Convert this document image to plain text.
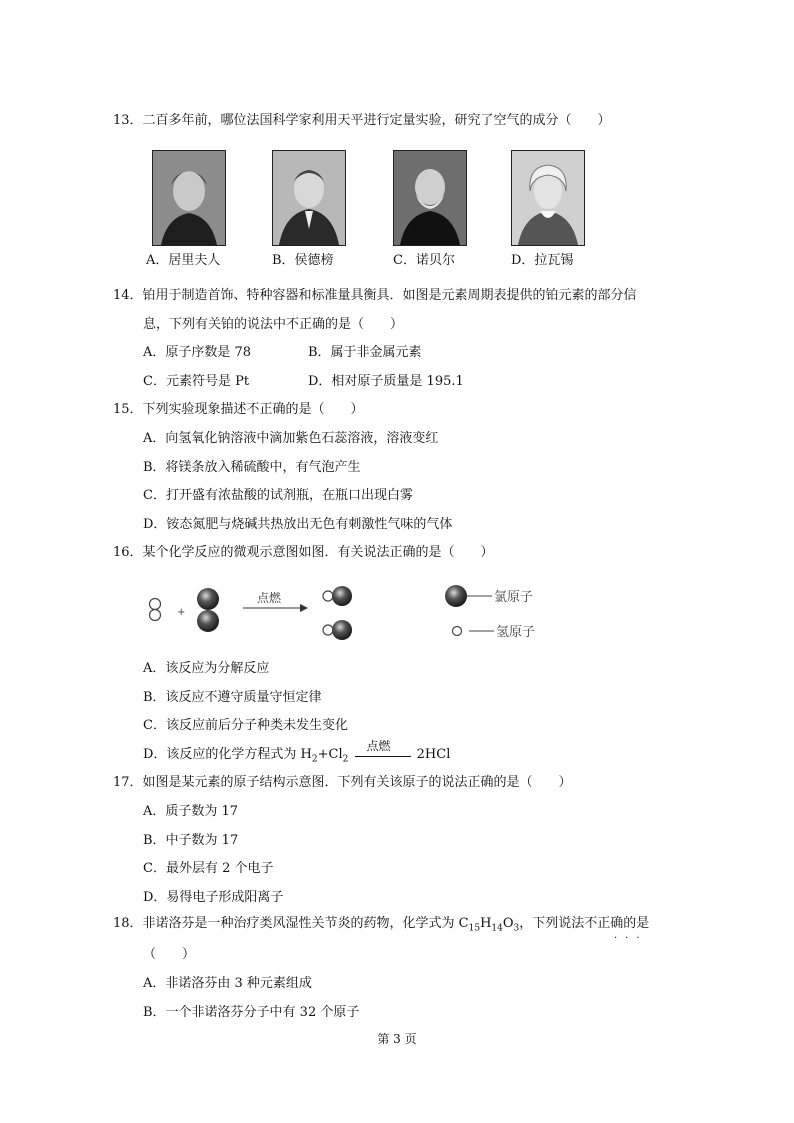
13．二百多年前，哪位法国科学家利用天平进行定量实验，研究了空气的成分（　　）
A．居里夫人	B．侯德榜	C．诺贝尔	D．拉瓦锡
14．铂用于制造首饰、特种容器和标准量具衡具．如图是元素周期表提供的铂元素的部分信
息，下列有关铂的说法中不正确的是（　　）
A．原子序数是 78	B．属于非金属元素
C．元素符号是 Pt	D．相对原子质量是 195.1
15．下列实验现象描述不正确的是（　　）
A．向氢氧化钠溶液中滴加紫色石蕊溶液，溶液变红
B．将镁条放入稀硫酸中，有气泡产生
C．打开盛有浓盐酸的试剂瓶，在瓶口出现白雾
D．铵态氮肥与烧碱共热放出无色有刺激性气味的气体
16．某个化学反应的微观示意图如图．有关说法正确的是（　　）
+
点燃	氯原子
氢原子
A．该反应为分解反应
B．该反应不遵守质量守恒定律
C．该反应前后分子种类未发生变化
D．该反应的化学方程式为 $H_2+Cl_2$
点燃
2HCl
17．如图是某元素的原子结构示意图．下列有关该原子的说法正确的是（　　）
A．质子数为 17
B．中子数为 17
C．最外层有 2 个电子
D．易得电子形成阳离子
18．非诺洛芬是一种治疗类风湿性关节炎的药物，化学式为 $C_{15}H_{14}O_3$，下列说法不正确的是
···
（　　）
A．非诺洛芬由 3 种元素组成
B．一个非诺洛芬分子中有 32 个原子
第 3 页
